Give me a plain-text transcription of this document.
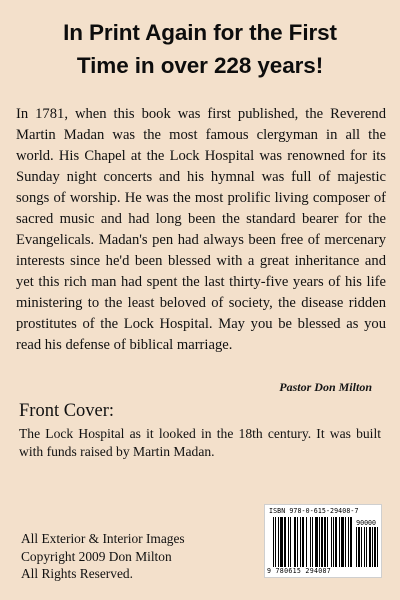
In Print Again for the First
Time in over 228 years!

In 1781, when this book was first published, the Reverend Martin Madan was the most famous clergyman in all the world. His Chapel at the Lock Hospital was renowned for its Sunday night concerts and his hymnal was full of majestic songs of worship. He was the most prolific living composer of sacred music and had long been the standard bearer for the Evangelicals. Madan's pen had always been free of mercenary interests since he'd been blessed with a great inheritance and yet this rich man had spent the last thirty-five years of his life ministering to the least beloved of society, the disease ridden prostitutes of the Lock Hospital. May you be blessed as you read his defense of biblical marriage.

Pastor Don Milton

Front Cover:

The Lock Hospital as it looked in the 18th century. It was built with funds raised by Martin Madan.

All Exterior & Interior Images
Copyright 2009 Don Milton
All Rights Reserved.

ISBN 978-0-615-29408-7
90000
9 780615 294087
